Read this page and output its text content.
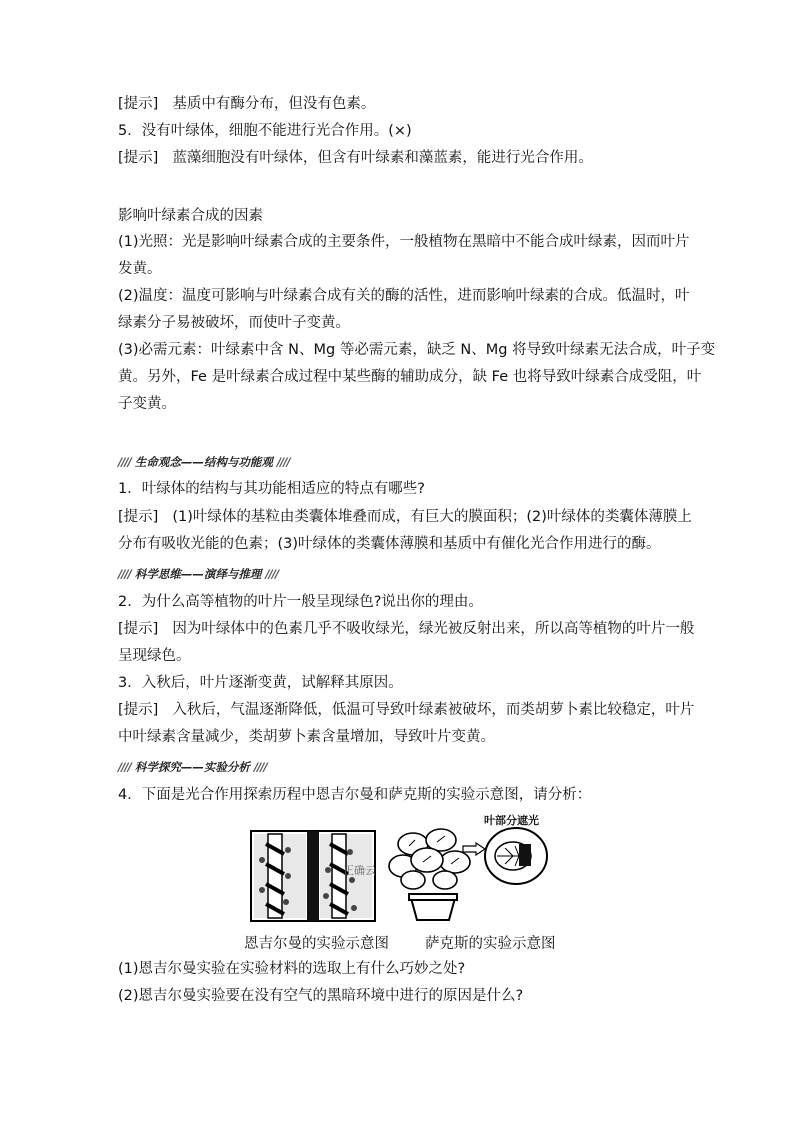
[提示] 基质中有酶分布，但没有色素。
5．没有叶绿体，细胞不能进行光合作用。(×)
[提示] 蓝藻细胞没有叶绿体，但含有叶绿素和藻蓝素，能进行光合作用。
影响叶绿素合成的因素
(1)光照：光是影响叶绿素合成的主要条件，一般植物在黑暗中不能合成叶绿素，因而叶片
发黄。
(2)温度：温度可影响与叶绿素合成有关的酶的活性，进而影响叶绿素的合成。低温时，叶
绿素分子易被破坏，而使叶子变黄。
(3)必需元素：叶绿素中含 N、Mg 等必需元素，缺乏 N、Mg 将导致叶绿素无法合成，叶子变
黄。另外，Fe 是叶绿素合成过程中某些酶的辅助成分，缺 Fe 也将导致叶绿素合成受阻，叶
子变黄。
//// 生命观念——结构与功能观 ////
1．叶绿体的结构与其功能相适应的特点有哪些?
[提示] (1)叶绿体的基粒由类囊体堆叠而成，有巨大的膜面积；(2)叶绿体的类囊体薄膜上
分布有吸收光能的色素；(3)叶绿体的类囊体薄膜和基质中有催化光合作用进行的酶。
//// 科学思维——演绎与推理 ////
2．为什么高等植物的叶片一般呈现绿色?说出你的理由。
[提示] 因为叶绿体中的色素几乎不吸收绿光，绿光被反射出来，所以高等植物的叶片一般
呈现绿色。
3．入秋后，叶片逐渐变黄，试解释其原因。
[提示] 入秋后，气温逐渐降低，低温可导致叶绿素被破坏，而类胡萝卜素比较稳定，叶片
中叶绿素含量减少，类胡萝卜素含量增加，导致叶片变黄。
//// 科学探究——实验分析 ////
4．下面是光合作用探索历程中恩吉尔曼和萨克斯的实验示意图，请分析：
正确云
叶部分遮光
恩吉尔曼的实验示意图 萨克斯的实验示意图
(1)恩吉尔曼实验在实验材料的选取上有什么巧妙之处?
(2)恩吉尔曼实验要在没有空气的黑暗环境中进行的原因是什么?
